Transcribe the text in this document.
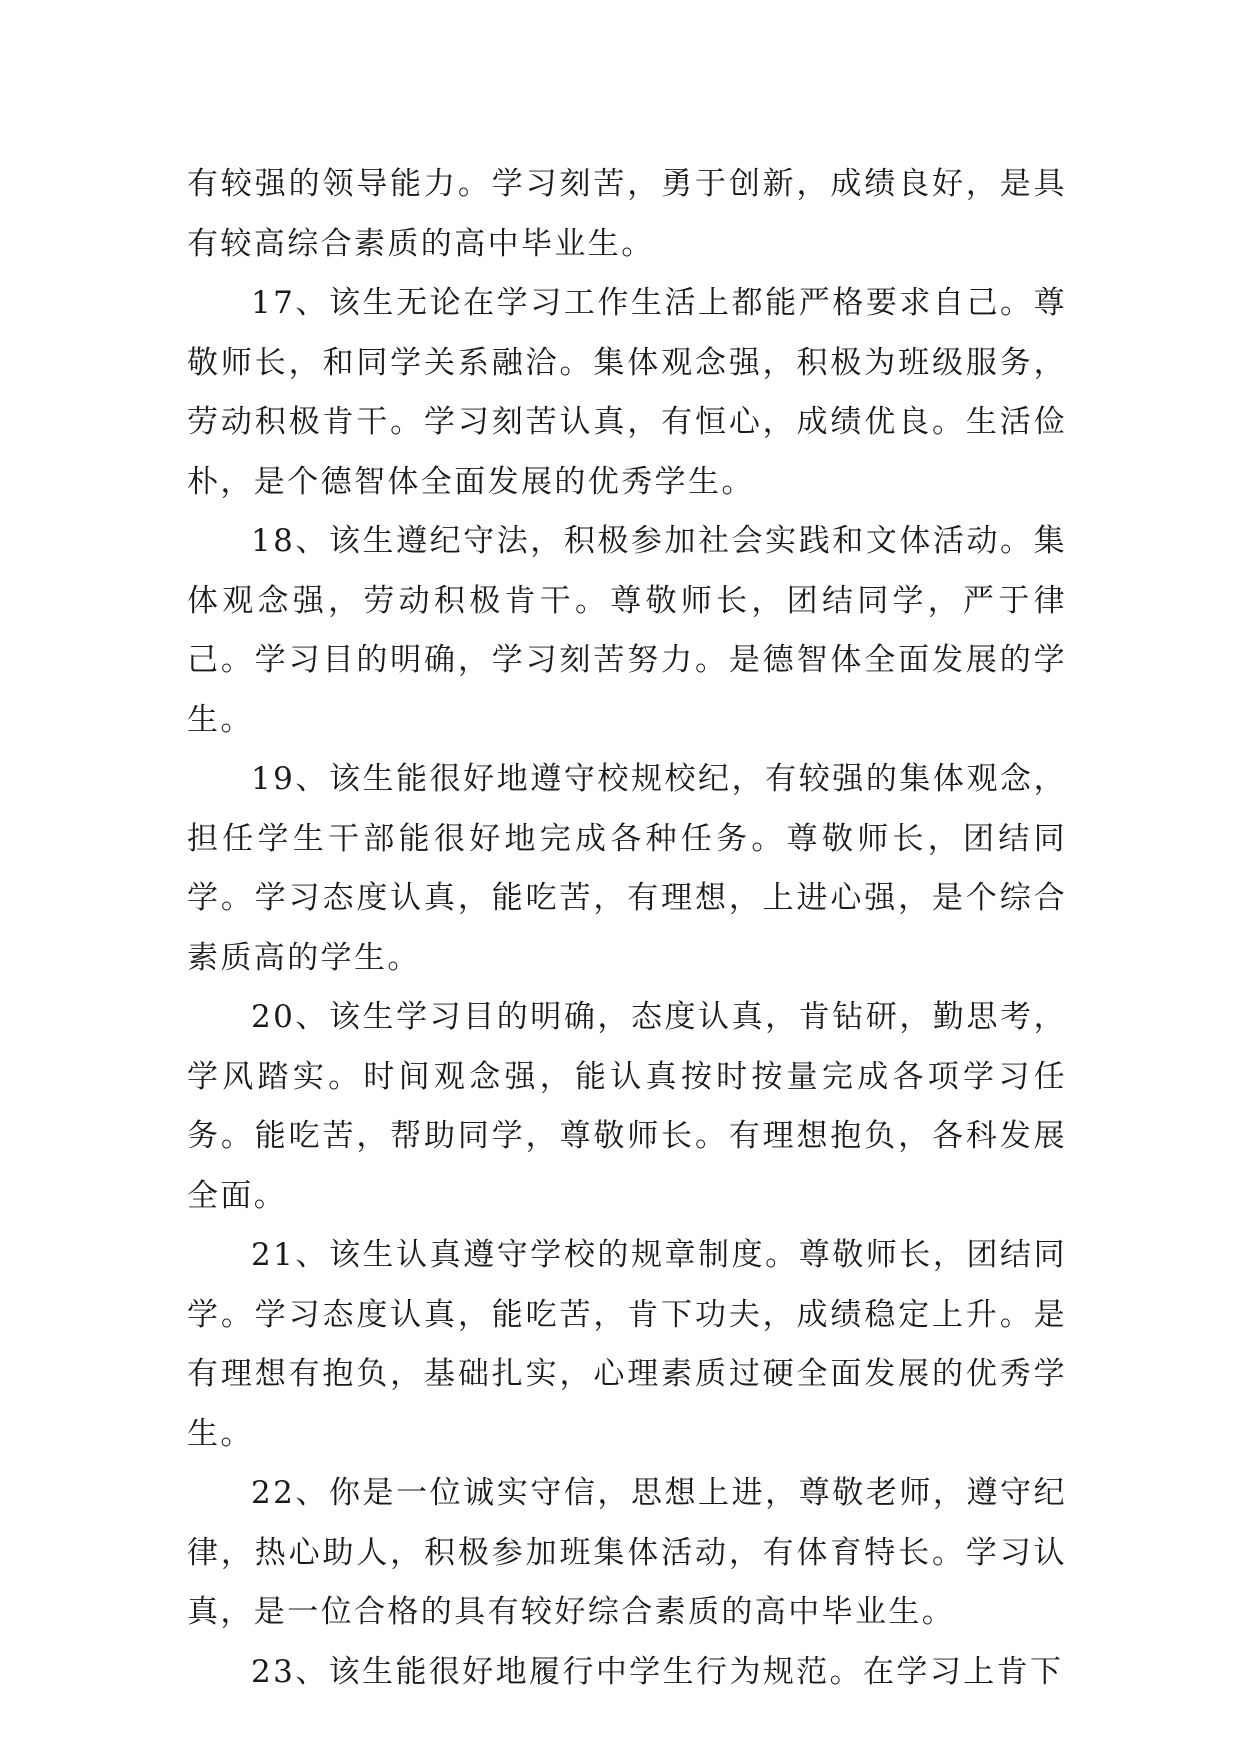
有较强的领导能力。学习刻苦，勇于创新，成绩良好，是具有较高综合素质的高中毕业生。

17、该生无论在学习工作生活上都能严格要求自己。尊敬师长，和同学关系融洽。集体观念强，积极为班级服务，劳动积极肯干。学习刻苦认真，有恒心，成绩优良。生活俭朴，是个德智体全面发展的优秀学生。

18、该生遵纪守法，积极参加社会实践和文体活动。集体观念强，劳动积极肯干。尊敬师长，团结同学，严于律己。学习目的明确，学习刻苦努力。是德智体全面发展的学生。

19、该生能很好地遵守校规校纪，有较强的集体观念，担任学生干部能很好地完成各种任务。尊敬师长，团结同学。学习态度认真，能吃苦，有理想，上进心强，是个综合素质高的学生。

20、该生学习目的明确，态度认真，肯钻研，勤思考，学风踏实。时间观念强，能认真按时按量完成各项学习任务。能吃苦，帮助同学，尊敬师长。有理想抱负，各科发展全面。

21、该生认真遵守学校的规章制度。尊敬师长，团结同学。学习态度认真，能吃苦，肯下功夫，成绩稳定上升。是有理想有抱负，基础扎实，心理素质过硬全面发展的优秀学生。

22、你是一位诚实守信，思想上进，尊敬老师，遵守纪律，热心助人，积极参加班集体活动，有体育特长。学习认真，是一位合格的具有较好综合素质的高中毕业生。

23、该生能很好地履行中学生行为规范。在学习上肯下
